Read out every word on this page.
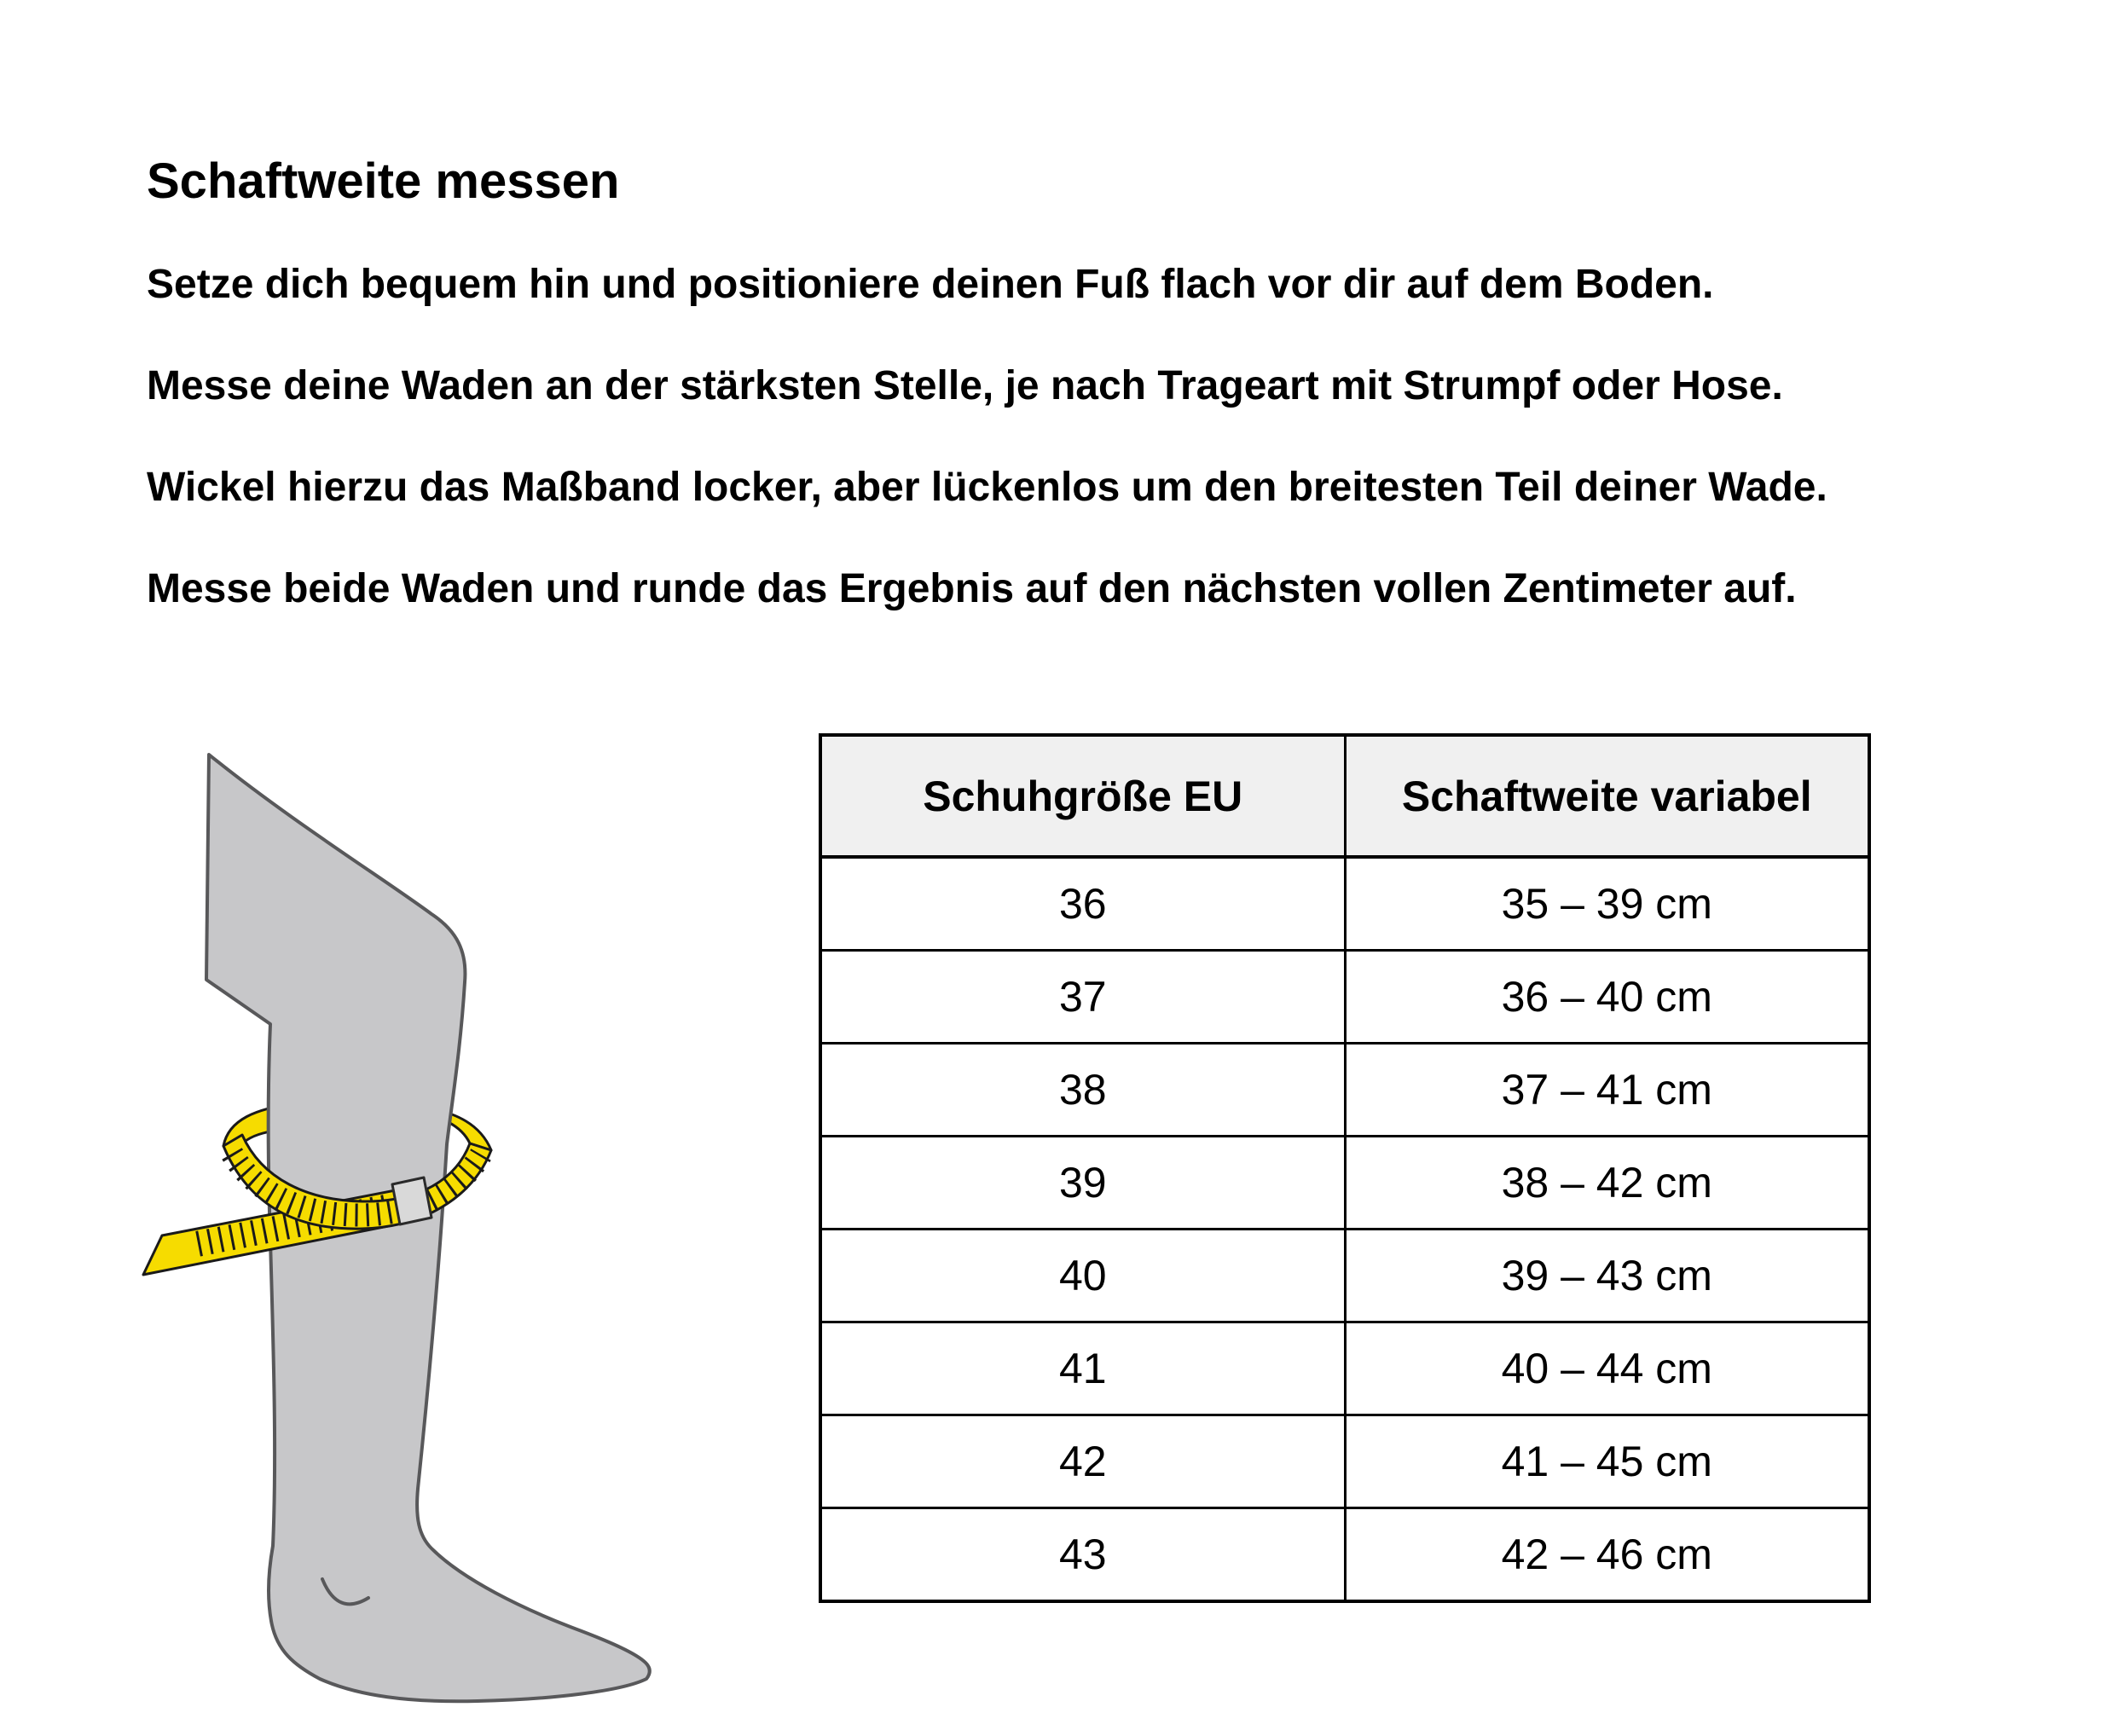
Schaftweite messen
Setze dich bequem hin und positioniere deinen Fuß flach vor dir auf dem Boden.
Messe deine Waden an der stärksten Stelle, je nach Trageart mit Strumpf oder Hose.
Wickel hierzu das Maßband locker, aber lückenlos um den breitesten Teil deiner Wade.
Messe beide Waden und runde das Ergebnis auf den nächsten vollen Zentimeter auf.
Schuhgröße EU	Schaftweite variabel
36	35 – 39 cm
37	36 – 40 cm
38	37 – 41 cm
39	38 – 42 cm
40	39 – 43 cm
41	40 – 44 cm
42	41 – 45 cm
43	42 – 46 cm
